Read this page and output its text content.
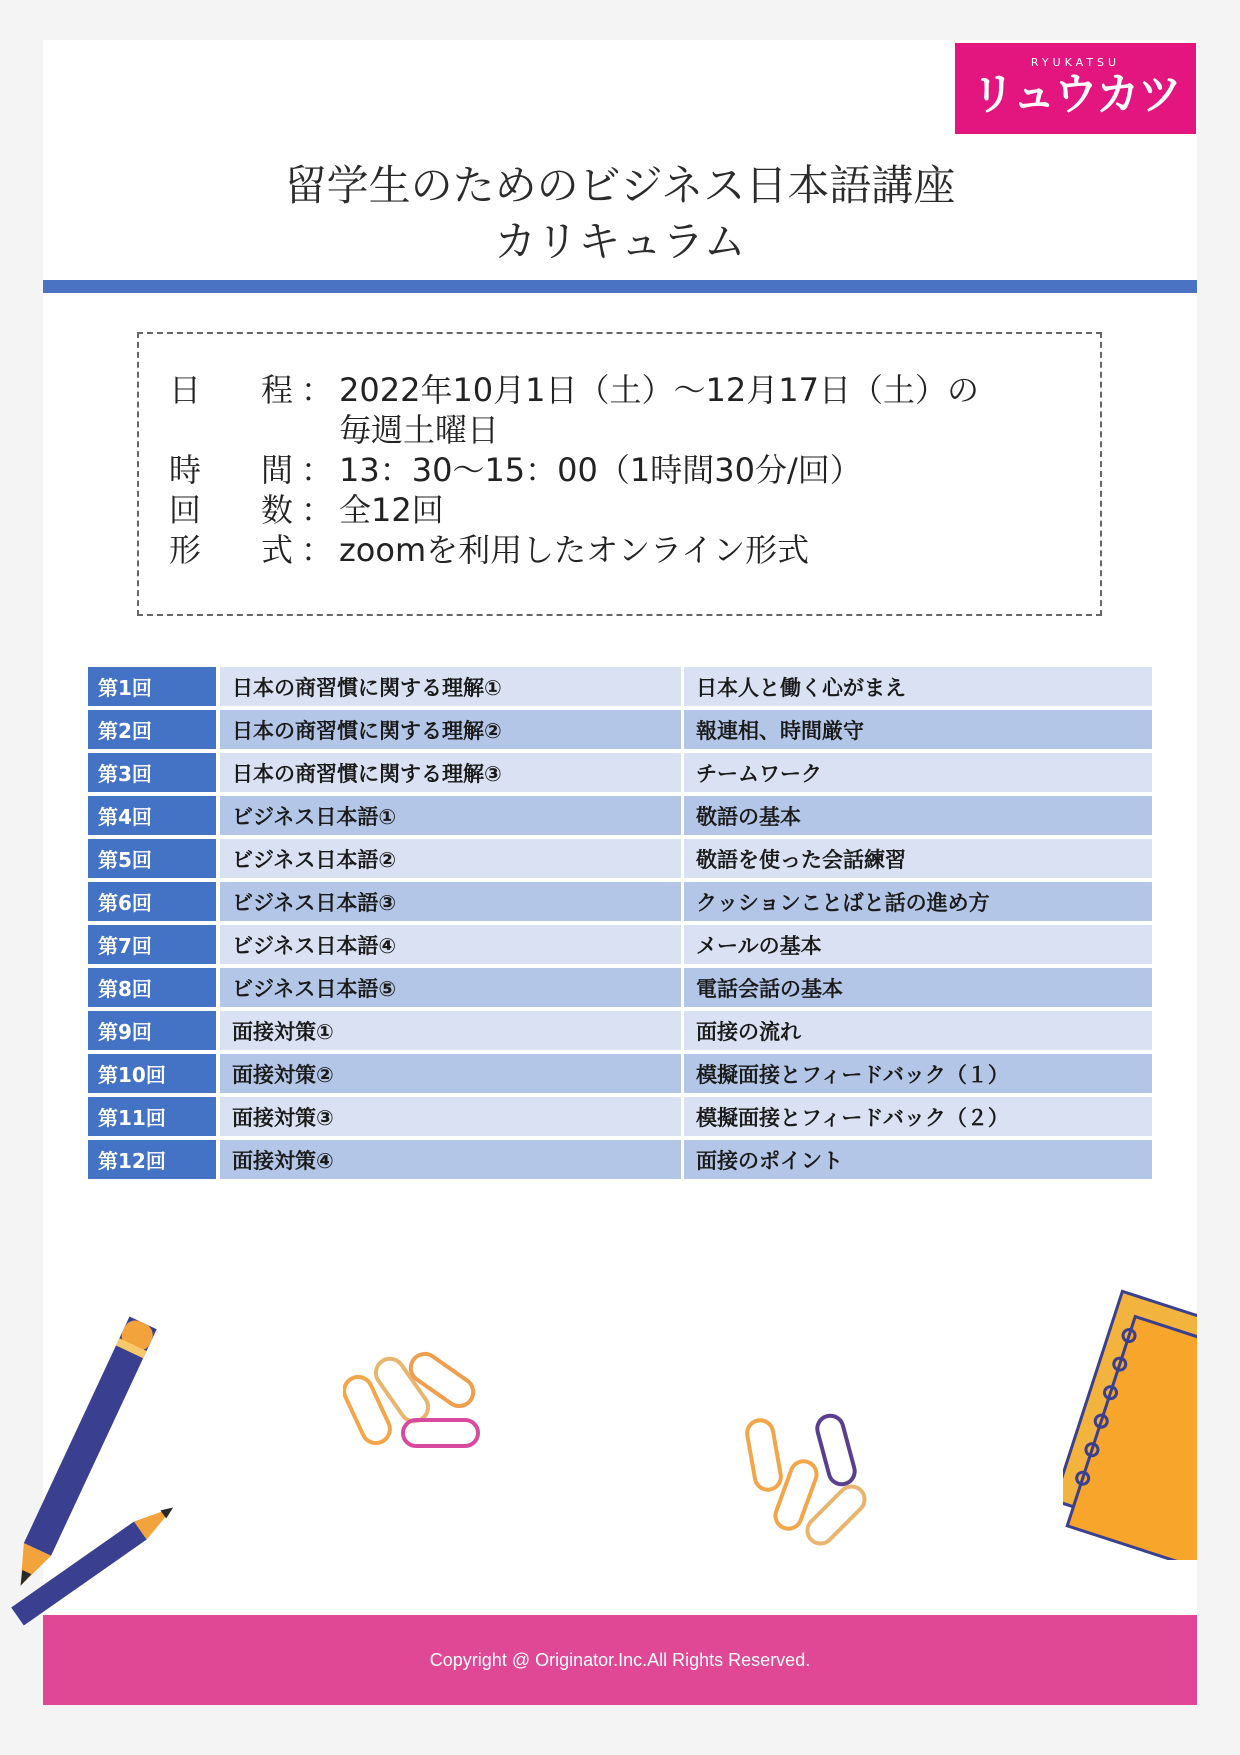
RYUKATSU
リュウカツ
留学生のためのビジネス日本語講座
カリキュラム
日 程 ： 2022年10月1日（土）～12月17日（土）の
毎週土曜日
時 間 ： 13：30～15：00（1時間30分/回）
回 数 ： 全12回
形 式 ： zoomを利用したオンライン形式
第1回	日本の商習慣に関する理解①	日本人と働く心がまえ
第2回	日本の商習慣に関する理解②	報連相、時間厳守
第3回	日本の商習慣に関する理解③	チームワーク
第4回	ビジネス日本語①	敬語の基本
第5回	ビジネス日本語②	敬語を使った会話練習
第6回	ビジネス日本語③	クッションことばと話の進め方
第7回	ビジネス日本語④	メールの基本
第8回	ビジネス日本語⑤	電話会話の基本
第9回	面接対策①	面接の流れ
第10回	面接対策②	模擬面接とフィードバック（１）
第11回	面接対策③	模擬面接とフィードバック（２）
第12回	面接対策④	面接のポイント
Copyright @ Originator.Inc.All Rights Reserved.
